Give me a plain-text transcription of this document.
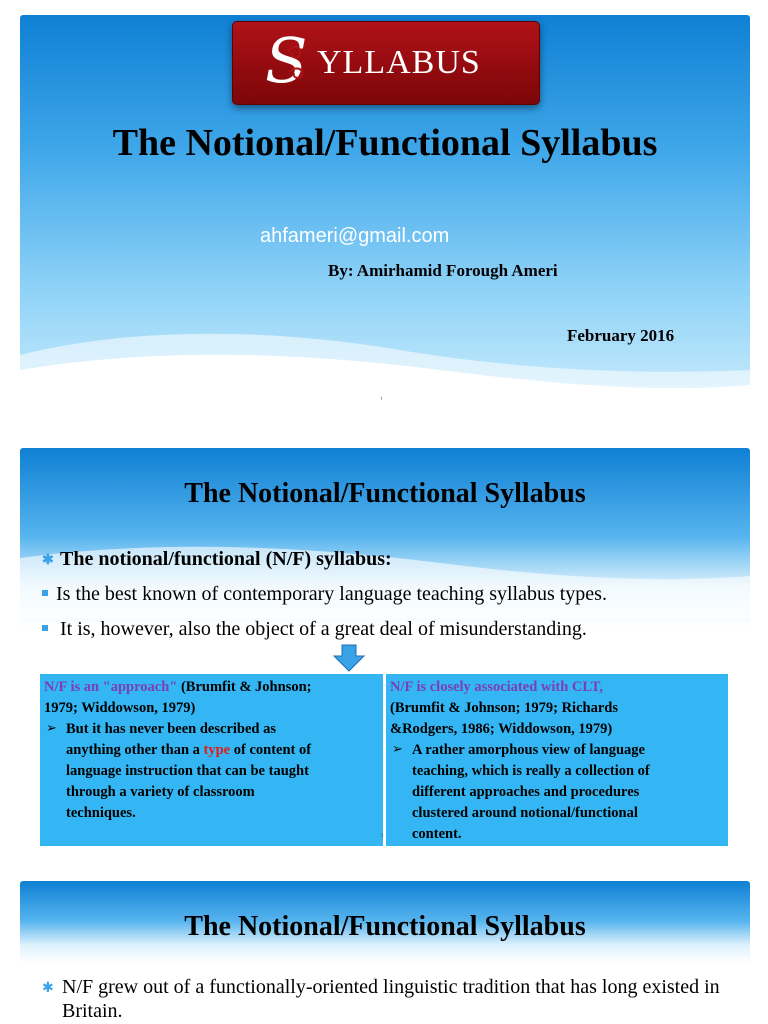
S YLLABUS
The Notional/Functional Syllabus
ahfameri@gmail.com
By: Amirhamid Forough Ameri
February 2016
1
The Notional/Functional Syllabus
✱ The notional/functional (N/F) syllabus:
Is the best known of contemporary language teaching syllabus types.
It is, however, also the object of a great deal of misunderstanding.
N/F is an "approach" (Brumfit & Johnson;
1979; Widdowson, 1979)
➢ But it has never been described as
anything other than a type of content of
language instruction that can be taught
through a variety of classroom
techniques.
N/F is closely associated with CLT,
(Brumfit & Johnson; 1979; Richards
&Rodgers, 1986; Widdowson, 1979)
➢ A rather amorphous view of language
teaching, which is really a collection of
different approaches and procedures
clustered around notional/functional
content.
2
The Notional/Functional Syllabus
✱ N/F grew out of a functionally-oriented linguistic tradition that has long existed in Britain.
